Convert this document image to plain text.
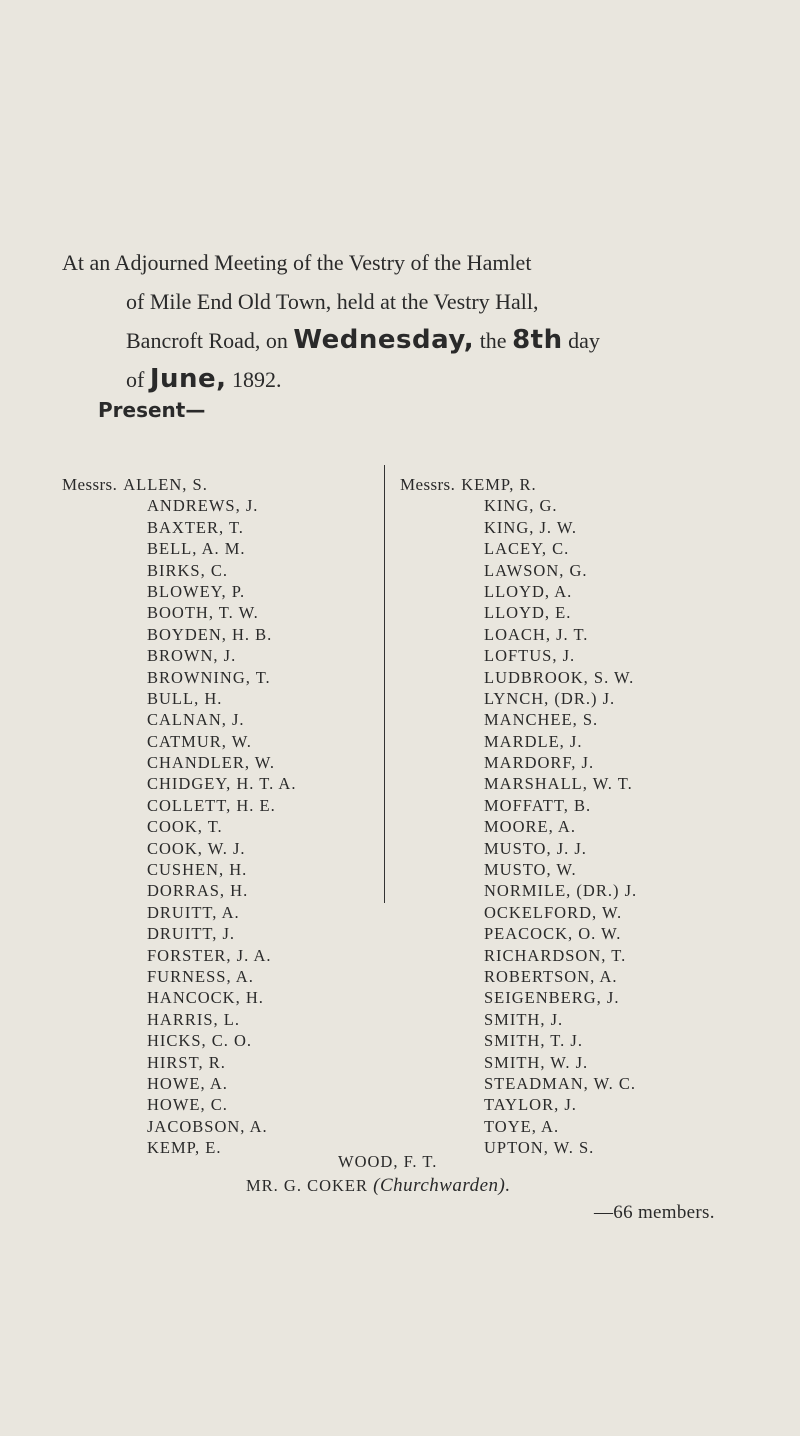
At an Adjourned Meeting of the Vestry of the Hamlet
of Mile End Old Town, held at the Vestry Hall,
Bancroft Road, on Wednesday, the 8th day
of June, 1892.
Present—
Messrs. ALLEN, S.
ANDREWS, J.
BAXTER, T.
BELL, A. M.
BIRKS, C.
BLOWEY, P.
BOOTH, T. W.
BOYDEN, H. B.
BROWN, J.
BROWNING, T.
BULL, H.
CALNAN, J.
CATMUR, W.
CHANDLER, W.
CHIDGEY, H. T. A.
COLLETT, H. E.
COOK, T.
COOK, W. J.
CUSHEN, H.
DORRAS, H.
DRUITT, A.
DRUITT, J.
FORSTER, J. A.
FURNESS, A.
HANCOCK, H.
HARRIS, L.
HICKS, C. O.
HIRST, R.
HOWE, A.
HOWE, C.
JACOBSON, A.
KEMP, E.
Messrs. KEMP, R.
KING, G.
KING, J. W.
LACEY, C.
LAWSON, G.
LLOYD, A.
LLOYD, E.
LOACH, J. T.
LOFTUS, J.
LUDBROOK, S. W.
LYNCH, (DR.) J.
MANCHEE, S.
MARDLE, J.
MARDORF, J.
MARSHALL, W. T.
MOFFATT, B.
MOORE, A.
MUSTO, J. J.
MUSTO, W.
NORMILE, (DR.) J.
OCKELFORD, W.
PEACOCK, O. W.
RICHARDSON, T.
ROBERTSON, A.
SEIGENBERG, J.
SMITH, J.
SMITH, T. J.
SMITH, W. J.
STEADMAN, W. C.
TAYLOR, J.
TOYE, A.
UPTON, W. S.
WOOD, F. T.
MR. G. COKER (Churchwarden).
—66 members.
